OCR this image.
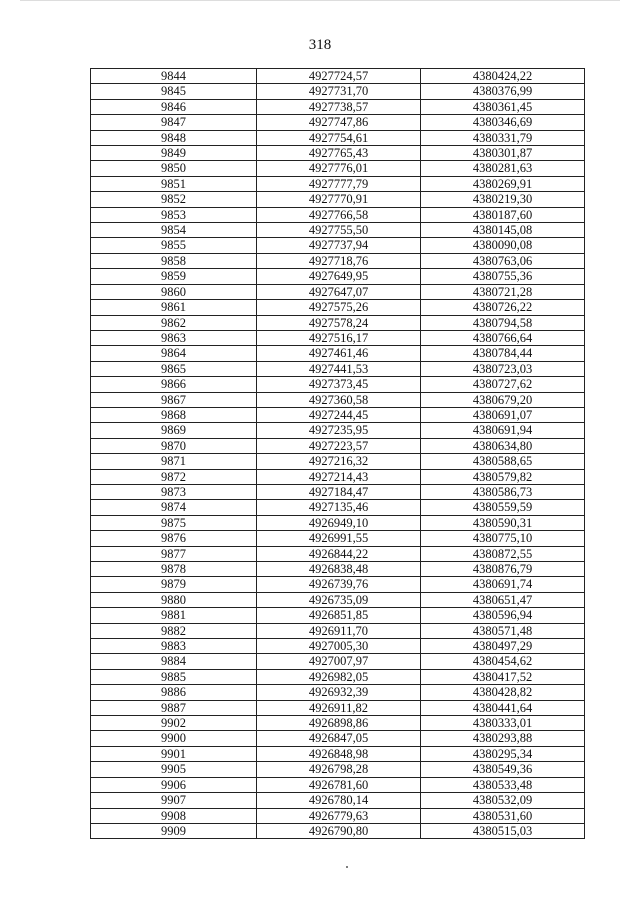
318
9844	4927724,57	4380424,22
9845	4927731,70	4380376,99
9846	4927738,57	4380361,45
9847	4927747,86	4380346,69
9848	4927754,61	4380331,79
9849	4927765,43	4380301,87
9850	4927776,01	4380281,63
9851	4927777,79	4380269,91
9852	4927770,91	4380219,30
9853	4927766,58	4380187,60
9854	4927755,50	4380145,08
9855	4927737,94	4380090,08
9858	4927718,76	4380763,06
9859	4927649,95	4380755,36
9860	4927647,07	4380721,28
9861	4927575,26	4380726,22
9862	4927578,24	4380794,58
9863	4927516,17	4380766,64
9864	4927461,46	4380784,44
9865	4927441,53	4380723,03
9866	4927373,45	4380727,62
9867	4927360,58	4380679,20
9868	4927244,45	4380691,07
9869	4927235,95	4380691,94
9870	4927223,57	4380634,80
9871	4927216,32	4380588,65
9872	4927214,43	4380579,82
9873	4927184,47	4380586,73
9874	4927135,46	4380559,59
9875	4926949,10	4380590,31
9876	4926991,55	4380775,10
9877	4926844,22	4380872,55
9878	4926838,48	4380876,79
9879	4926739,76	4380691,74
9880	4926735,09	4380651,47
9881	4926851,85	4380596,94
9882	4926911,70	4380571,48
9883	4927005,30	4380497,29
9884	4927007,97	4380454,62
9885	4926982,05	4380417,52
9886	4926932,39	4380428,82
9887	4926911,82	4380441,64
9902	4926898,86	4380333,01
9900	4926847,05	4380293,88
9901	4926848,98	4380295,34
9905	4926798,28	4380549,36
9906	4926781,60	4380533,48
9907	4926780,14	4380532,09
9908	4926779,63	4380531,60
9909	4926790,80	4380515,03
